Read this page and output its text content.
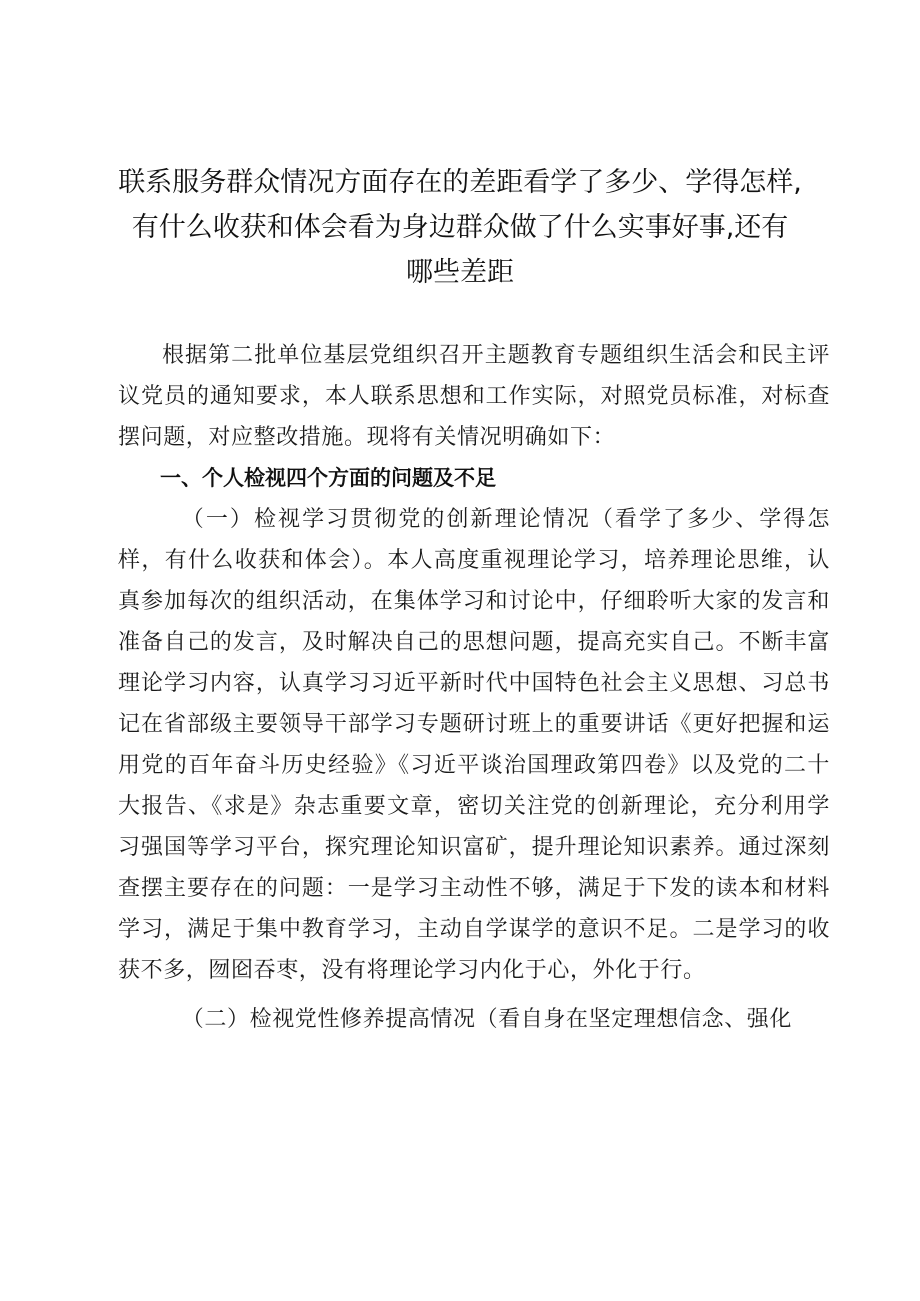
联系服务群众情况方面存在的差距看学了多少、学得怎样,
有什么收获和体会看为身边群众做了什么实事好事,还有
哪些差距

根据第二批单位基层党组织召开主题教育专题组织生活会和民主评议党员的通知要求，本人联系思想和工作实际，对照党员标准，对标查摆问题，对应整改措施。现将有关情况明确如下：

一、个人检视四个方面的问题及不足

（一）检视学习贯彻党的创新理论情况（看学了多少、学得怎样，有什么收获和体会）。本人高度重视理论学习，培养理论思维，认真参加每次的组织活动，在集体学习和讨论中，仔细聆听大家的发言和准备自己的发言，及时解决自己的思想问题，提高充实自己。不断丰富理论学习内容，认真学习习近平新时代中国特色社会主义思想、习总书记在省部级主要领导干部学习专题研讨班上的重要讲话《更好把握和运用党的百年奋斗历史经验》《习近平谈治国理政第四卷》以及党的二十大报告、《求是》杂志重要文章，密切关注党的创新理论，充分利用学习强国等学习平台，探究理论知识富矿，提升理论知识素养。通过深刻查摆主要存在的问题：一是学习主动性不够，满足于下发的读本和材料学习，满足于集中教育学习，主动自学谋学的意识不足。二是学习的收获不多，囫囵吞枣，没有将理论学习内化于心，外化于行。

（二）检视党性修养提高情况（看自身在坚定理想信念、强化
